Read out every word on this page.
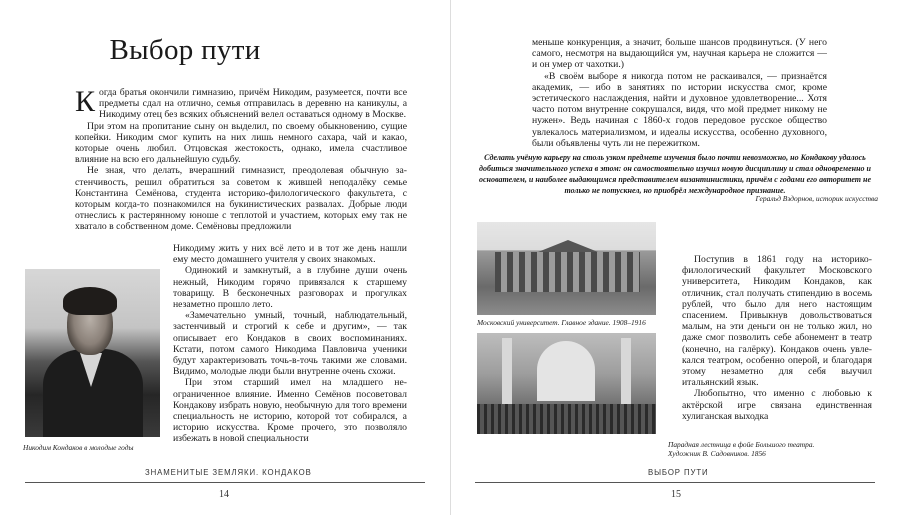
Выбор пути

Когда братья окончили гимназию, причём Никодим, разумеется, почти все предметы сдал на отлично, семья отправилась в деревню на каникулы, а Никодиму отец без всяких объяснений велел оставаться одному в Москве.

При этом на пропитание сыну он выделил, по своему обыкновению, сущие копейки. Никодим смог купить на них лишь немного сахара, чай и какао, которые очень любил. Отцовская жестокость, однако, имела счастливое влияние на всю его дальнейшую судьбу.

Не зная, что делать, вчерашний гимназист, преодолевая обычную застенчивость, решил обратиться за советом к жившей неподалёку семье Константина Семёнова, студента историко-филологического факультета, с которым когда-то познакомился на букинистических развалах. Добрые люди отнеслись к растерянному юноше с теплотой и участием, которых ему так не хватало в собственном доме. Семёновы предложили

Никодим Кондаков в молодые годы

Никодиму жить у них всё лето и в тот же день нашли ему место домашнего учителя у своих знакомых.

Одинокий и замкнутый, а в глубине души очень нежный, Никодим горячо привязался к старшему товарищу. В бесконечных разговорах и прогулках незаметно прошло лето.

«Замечательно умный, точный, наблюдательный, застенчивый и строгий к себе и другим», — так описывает его Кондаков в своих воспоминаниях. Кстати, потом самого Никодима Павловича ученики будут характеризовать точь-в-точь такими же словами. Видимо, молодые люди были внутренне очень схожи.

При этом старший имел на младшего неограниченное влияние. Именно Семёнов посоветовал Кондакову избрать новую, необычную для того времени специальность не историю, которой тот собирался, а историю искусства. Кроме прочего, это позволяло избежать в новой специальности

ЗНАМЕНИТЫЕ ЗЕМЛЯКИ. КОНДАКОВ
14

меньше конкуренция, а значит, больше шансов продвинуться. (У него самого, несмотря на выдающийся ум, научная карьера не сложится — и он умер от чахотки.)

«В своём выборе я никогда потом не раскаивался, — признаётся академик, — ибо в занятиях по истории искусства смог, кроме эстетического наслаждения, найти и духовное удовлетворение... Хотя часто потом внутренне сокрушался, видя, что мой предмет никому не нужен». Ведь начиная с 1860-х годов передовое русское общество увлекалось материализмом, и идеалы искусства, особенно духовного, были объявлены чуть ли не пережитком.

Сделать учёную карьеру на столь узком предмете изучения было почти невозможно, но Кондакову удалось добиться значительного успеха в этом: он самостоятельно изучил новую дисциплину и стал одновременно и основателем, и наиболее выдающимся представителем византинистики, причём с годами его авторитет не только не потускнел, но приобрёл международное признание.
Геральд Вздорнов, историк искусства
Московский университет. Главное здание. 1908–1916

Поступив в 1861 году на историко-филологический факультет Московского университета, Никодим Кондаков, как отличник, стал получать стипендию в восемь рублей, что было для него настоящим спасением. Привыкнув довольствоваться малым, на эти деньги он не только жил, но даже смог позволить себе абонемент в театр (конечно, на галёрку). Кондаков очень увлекался театром, особенно оперой, и благодаря этому незаметно для себя выучил итальянский язык.

Любопытно, что именно с любовью к актёрской игре связана единственная хулиганская выходка

Парадная лестница в фойе Большого театра.
Художник В. Садовников. 1856
ВЫБОР ПУТИ
15
